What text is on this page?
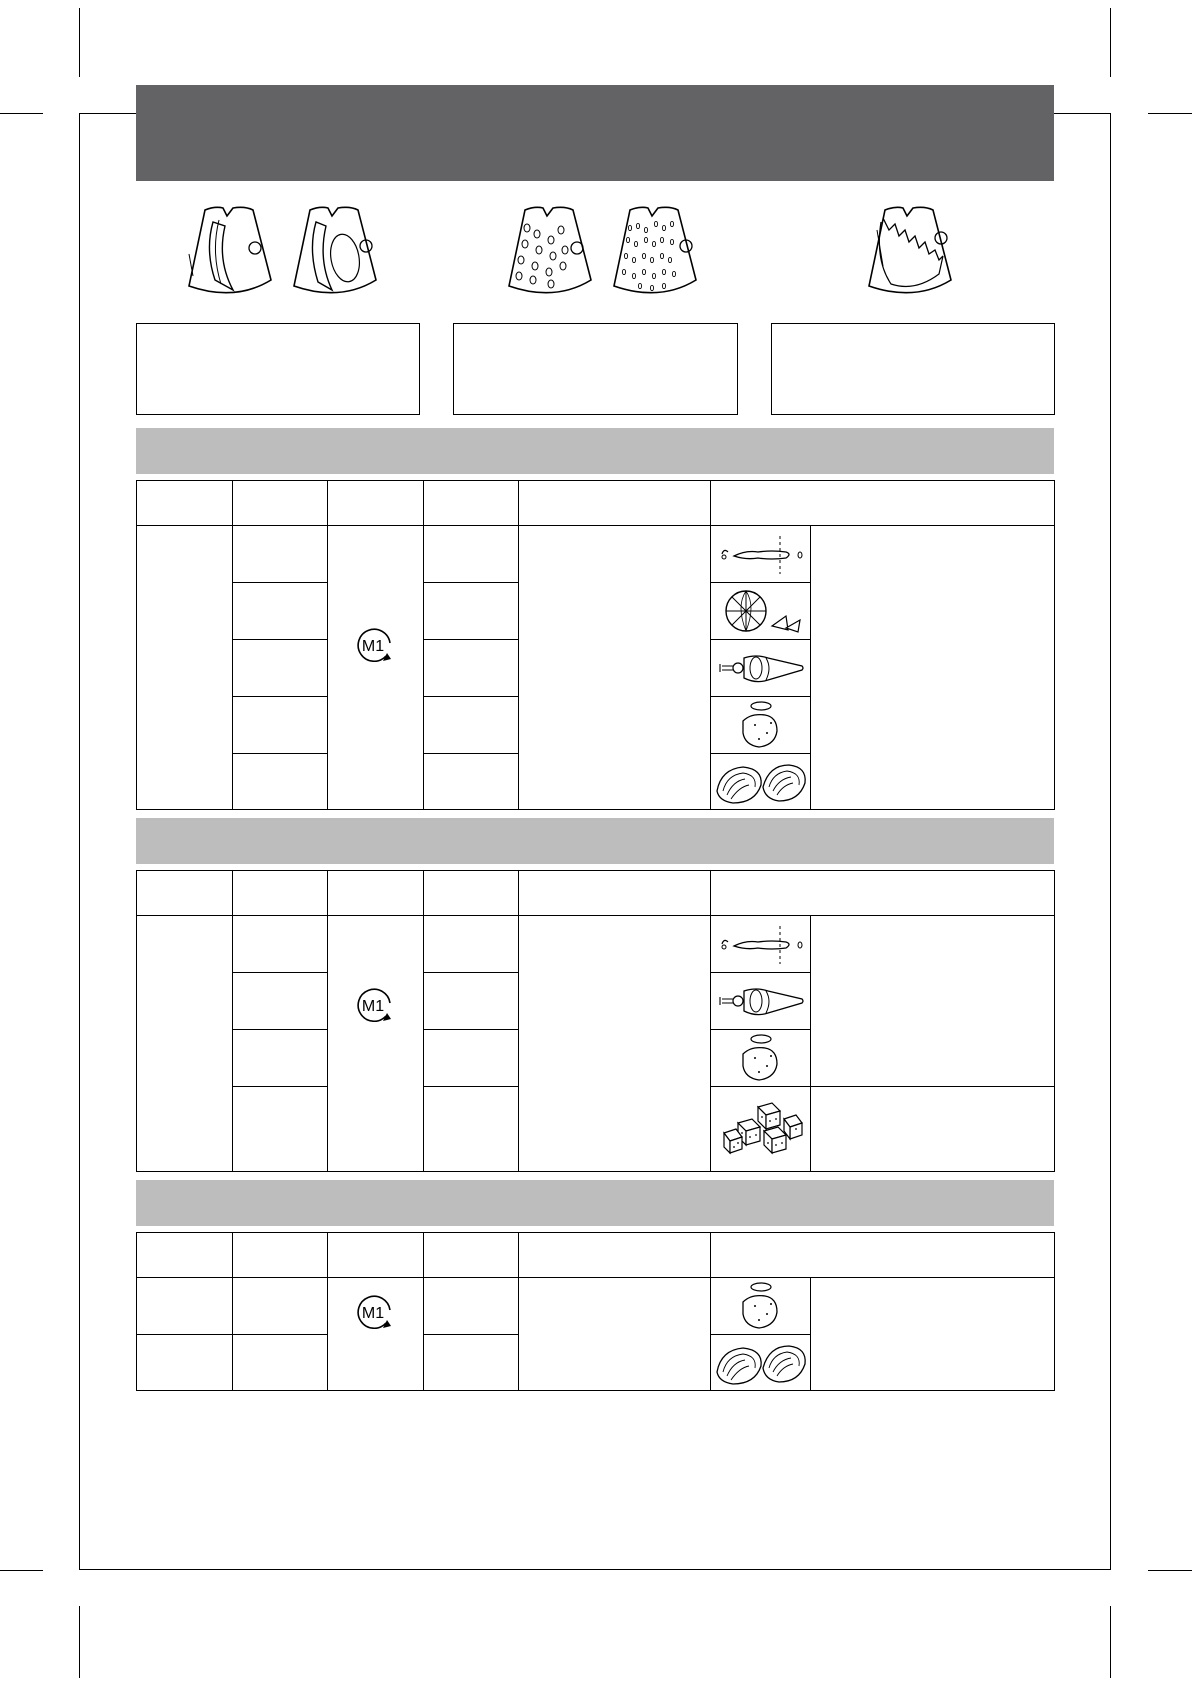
M1
M1
M1
